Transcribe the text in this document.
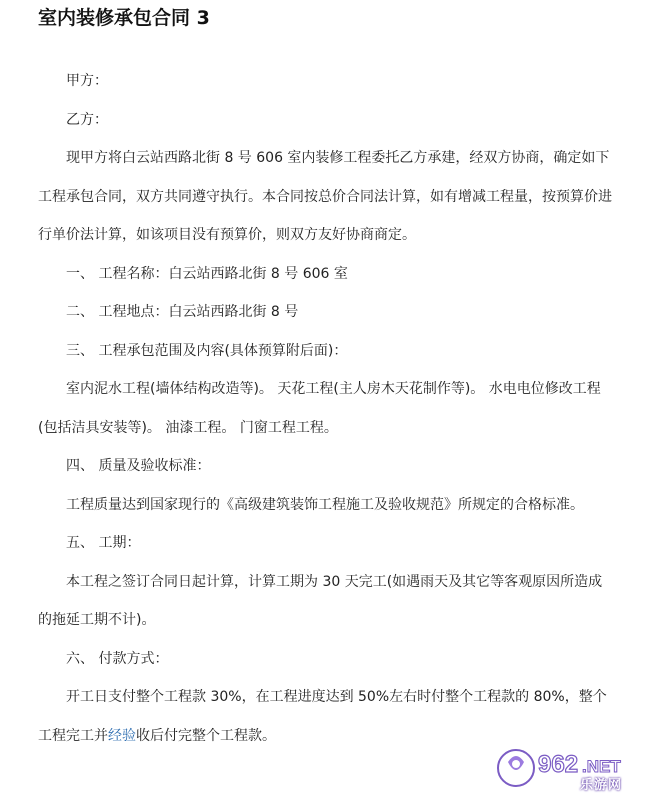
室内装修承包合同 3

甲方：

乙方：

现甲方将白云站西路北街 8 号 606 室内装修工程委托乙方承建，经双方协商，确定如下工程承包合同，双方共同遵守执行。本合同按总价合同法计算，如有增减工程量，按预算价进行单价法计算，如该项目没有预算价，则双方友好协商商定。

一、 工程名称：白云站西路北街 8 号 606 室

二、 工程地点：白云站西路北街 8 号

三、 工程承包范围及内容(具体预算附后面)：

室内泥水工程(墙体结构改造等)。 天花工程(主人房木天花制作等)。 水电电位修改工程(包括洁具安装等)。 油漆工程。 门窗工程工程。

四、 质量及验收标准：

工程质量达到国家现行的《高级建筑装饰工程施工及验收规范》所规定的合格标准。

五、 工期：

本工程之签订合同日起计算，计算工期为 30 天完工(如遇雨天及其它等客观原因所造成的拖延工期不计)。

六、 付款方式：

开工日支付整个工程款 30%，在工程进度达到 50%左右时付整个工程款的 80%，整个工程完工并经验收后付完整个工程款。

962 .NET
乐游网
